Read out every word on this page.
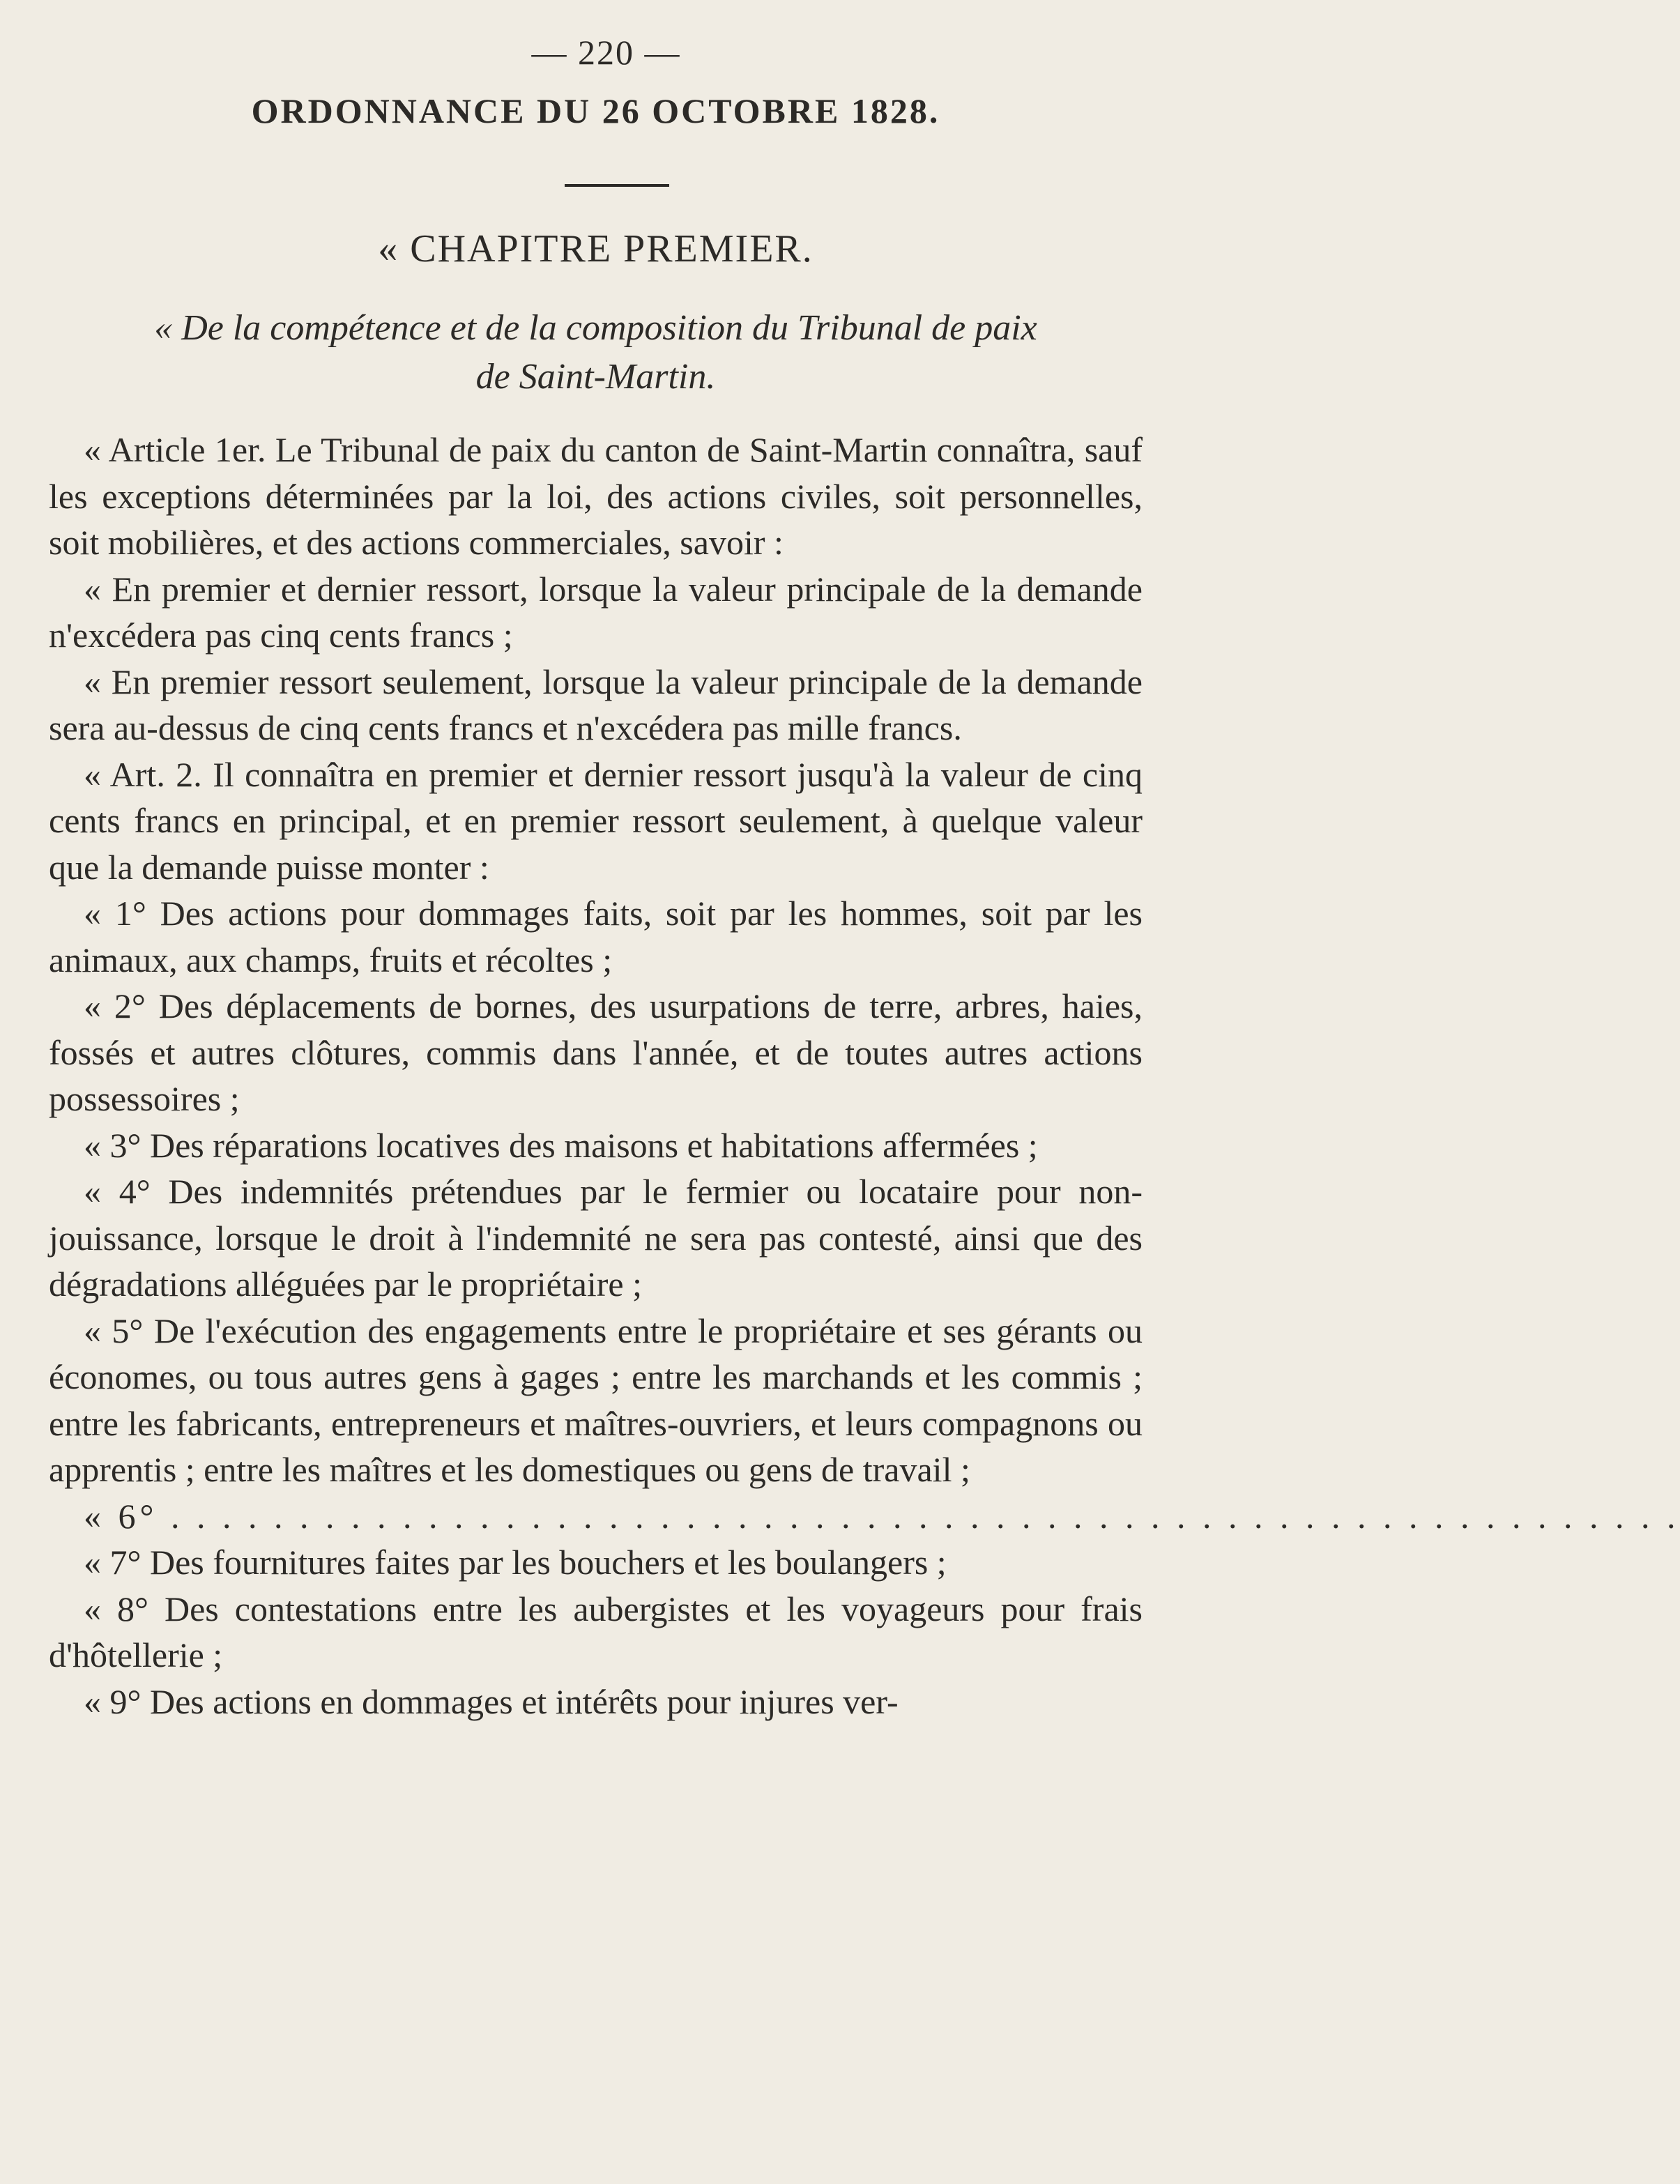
— 220 —
ORDONNANCE DU 26 OCTOBRE 1828.
« CHAPITRE PREMIER.
« De la compétence et de la composition du Tribunal de paix
de Saint-Martin.

« Article 1er. Le Tribunal de paix du canton de Saint-Martin connaîtra, sauf les exceptions déterminées par la loi, des actions civiles, soit personnelles, soit mobilières, et des actions commerciales, savoir :

« En premier et dernier ressort, lorsque la valeur principale de la demande n'excédera pas cinq cents francs ;

« En premier ressort seulement, lorsque la valeur principale de la demande sera au-dessus de cinq cents francs et n'excédera pas mille francs.

« Art. 2. Il connaîtra en premier et dernier ressort jusqu'à la valeur de cinq cents francs en principal, et en premier ressort seulement, à quelque valeur que la demande puisse monter :

« 1° Des actions pour dommages faits, soit par les hommes, soit par les animaux, aux champs, fruits et récoltes ;

« 2° Des déplacements de bornes, des usurpations de terre, arbres, haies, fossés et autres clôtures, commis dans l'année, et de toutes autres actions possessoires ;

« 3° Des réparations locatives des maisons et habitations affermées ;

« 4° Des indemnités prétendues par le fermier ou locataire pour non-jouissance, lorsque le droit à l'indemnité ne sera pas contesté, ainsi que des dégradations alléguées par le propriétaire ;

« 5° De l'exécution des engagements entre le propriétaire et ses gérants ou économes, ou tous autres gens à gages ; entre les marchands et les commis ; entre les fabricants, entrepreneurs et maîtres-ouvriers, et leurs compagnons ou apprentis ; entre les maîtres et les domestiques ou gens de travail ;

« 6° . . . . . . . . . . . . . . . . . . . . . . . . . . . . . . . . . . . . . . . . . . . . . . . . . . . . . . . . . . .

« 7° Des fournitures faites par les bouchers et les boulangers ;

« 8° Des contestations entre les aubergistes et les voyageurs pour frais d'hôtellerie ;

« 9° Des actions en dommages et intérêts pour injures ver-
